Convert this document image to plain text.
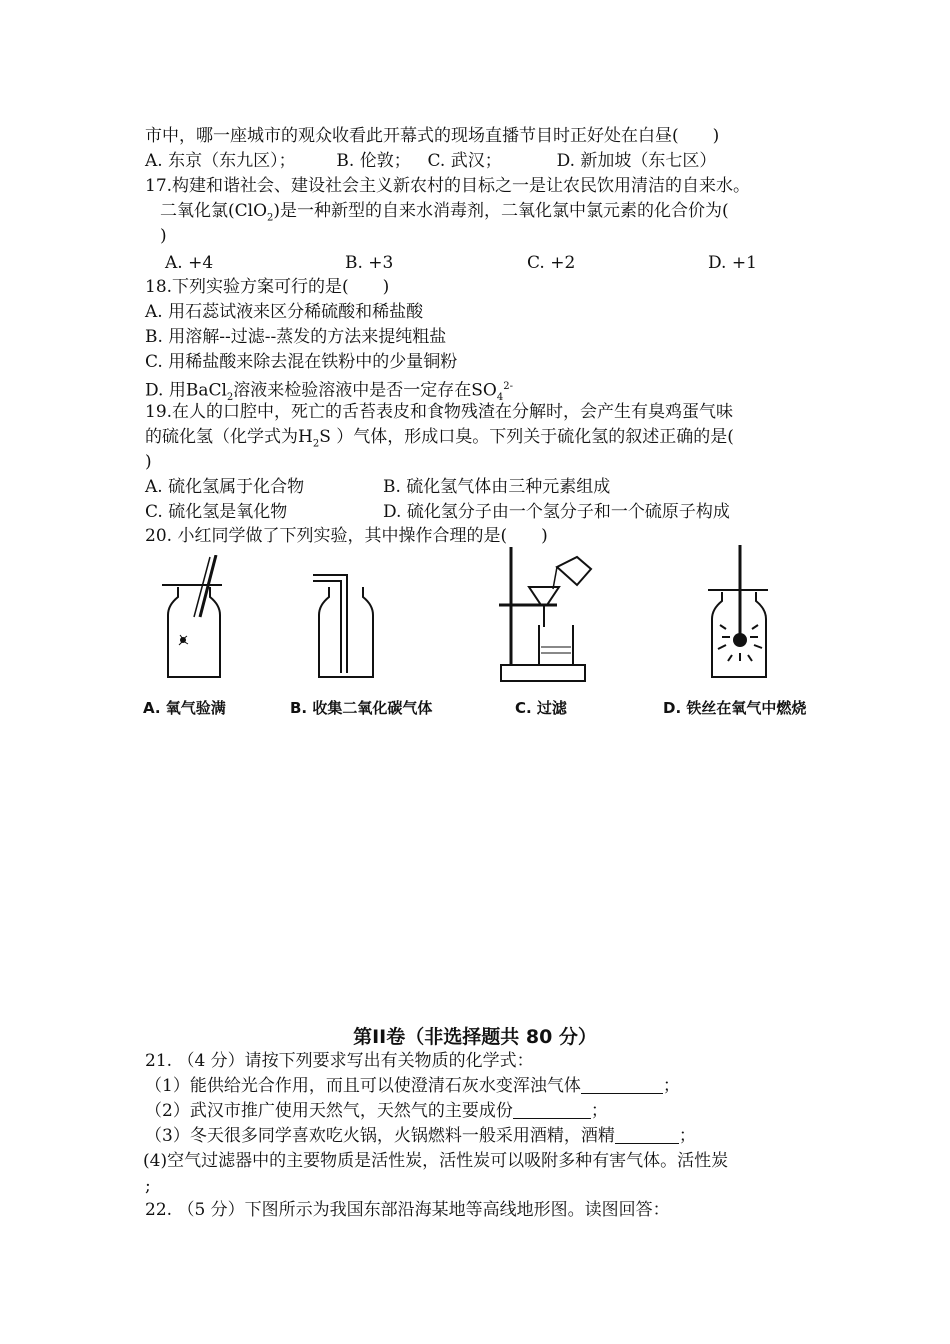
市中，哪一座城市的观众收看此开幕式的现场直播节目时正好处在白昼(　　)
A. 东京（东九区）； B. 伦敦； C. 武汉；	D. 新加坡（东七区）
17.构建和谐社会、建设社会主义新农村的目标之一是让农民饮用清洁的自来水。
二氧化氯(ClO$_2$)是一种新型的自来水消毒剂，二氧化氯中氯元素的化合价为(
)
A. +4	B. +3	C. +2	D. +1
18.下列实验方案可行的是(　　)
A. 用石蕊试液来区分稀硫酸和稀盐酸
B. 用溶解--过滤--蒸发的方法来提纯粗盐
C. 用稀盐酸来除去混在铁粉中的少量铜粉
D. 用BaCl$_2$溶液来检验溶液中是否一定存在$SO_4^{2-}$
19.在人的口腔中，死亡的舌苔表皮和食物残渣在分解时，会产生有臭鸡蛋气味
的硫化氢（化学式为$H_2S$ ）气体，形成口臭。下列关于硫化氢的叙述正确的是(
)
A. 硫化氢属于化合物	B. 硫化氢气体由三种元素组成
C. 硫化氢是氧化物	D. 硫化氢分子由一个氢分子和一个硫原子构成
20. 小红同学做了下列实验，其中操作合理的是(　　)
A. 氧气验满	B. 收集二氧化碳气体	C. 过滤	D. 铁丝在氧气中燃烧
第II卷（非选择题共 80 分）
21. （4 分）请按下列要求写出有关物质的化学式：
（1）能供给光合作用，而且可以使澄清石灰水变浑浊气体	；
（2）武汉市推广使用天然气，天然气的主要成份	；
（3）冬天很多同学喜欢吃火锅，火锅燃料一般采用酒精，酒精	；
(4)空气过滤器中的主要物质是活性炭，活性炭可以吸附多种有害气体。活性炭
;
22. （5 分）下图所示为我国东部沿海某地等高线地形图。读图回答：
